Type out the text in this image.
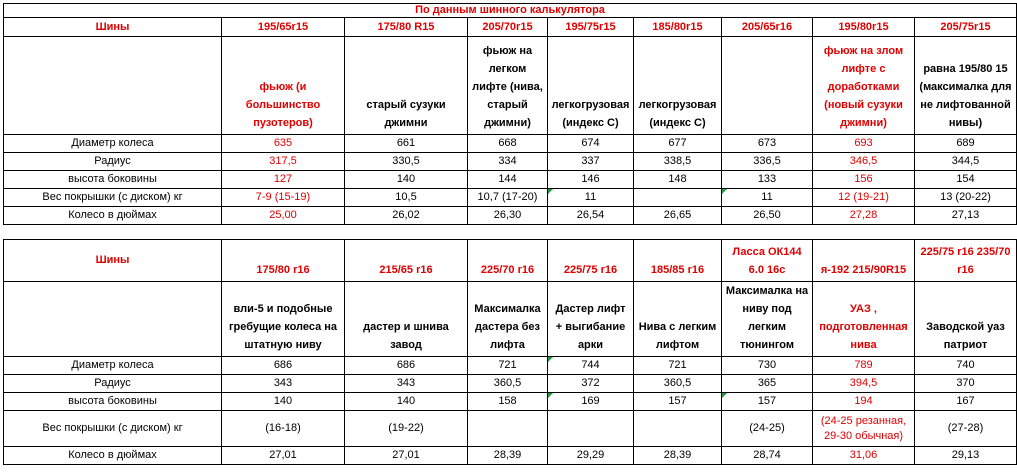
По данным шинного калькулятора								
Шины	195/65r15	175/80 R15	205/70r15	195/75r15	185/80r15	205/65r16	195/80r15	205/75r15
	фьюж (и большинство пузотеров)	старый сузуки джимни	фьюж на легком лифте (нива, старый джимни)	легкогрузовая (индекс С)	легкогрузовая (индекс С)		фьюж на злом лифте с доработками (новый сузуки джимни)	равна 195/80 15 (максималка для не лифтованной нивы)
Диаметр колеса	635	661	668	674	677	673	693	689
Радиус	317,5	330,5	334	337	338,5	336,5	346,5	344,5
высота боковины	127	140	144	146	148	133	156	154
Вес покрышки (с диском) кг	7-9 (15-19)	10,5	10,7 (17-20)	11		11	12 (19-21)	13 (20-22)
Колесо в дюймах	25,00	26,02	26,30	26,54	26,65	26,50	27,28	27,13
Шины	175/80 r16	215/65 r16	225/70 r16	225/75 r16	185/85 r16	Ласса ОК144 6.0 16с	я-192 215/90R15	225/75 r16 235/70 r16
	вли-5 и подобные гребущие колеса на штатную ниву	дастер и шнива завод	Максималка дастера без лифта	Дастер лифт + выгибание арки	Нива с легким лифтом	Максималка на ниву под легким тюнингом	УАЗ , подготовленная нива	Заводской уаз патриот
Диаметр колеса	686	686	721	744	721	730	789	740
Радиус	343	343	360,5	372	360,5	365	394,5	370
высота боковины	140	140	158	169	157	157	194	167
Вес покрышки (с диском) кг	(16-18)	(19-22)				(24-25)	(24-25 резанная, 29-30 обычная)	(27-28)
Колесо в дюймах	27,01	27,01	28,39	29,29	28,39	28,74	31,06	29,13
